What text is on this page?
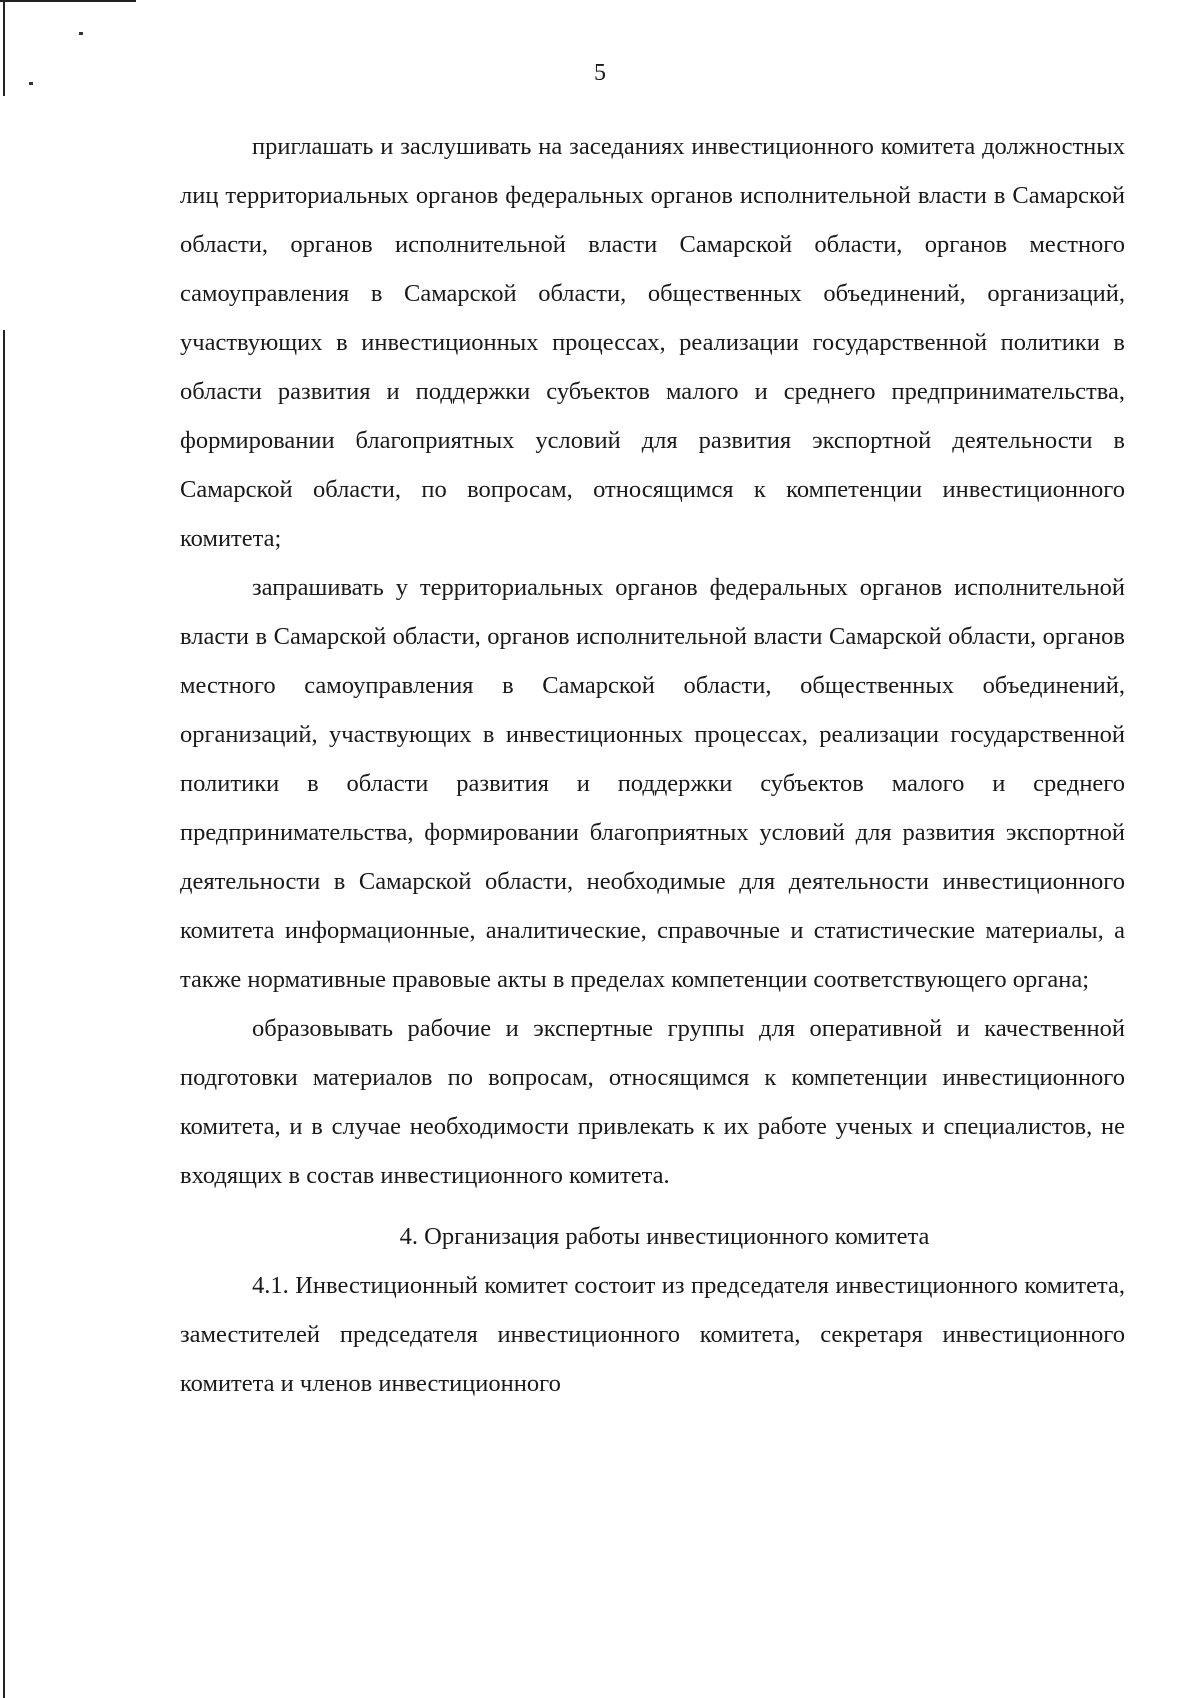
5

приглашать и заслушивать на заседаниях инвестиционного комитета должностных лиц территориальных органов федеральных органов исполнительной власти в Самарской области, органов исполнительной власти Самарской области, органов местного самоуправления в Самарской области, общественных объединений, организаций, участвующих в инвестиционных процессах, реализации государственной политики в области развития и поддержки субъектов малого и среднего предпринимательства, формировании благоприятных условий для развития экспортной деятельности в Самарской области, по вопросам, относящимся к компетенции инвестиционного комитета;

запрашивать у территориальных органов федеральных органов исполнительной власти в Самарской области, органов исполнительной власти Самарской области, органов местного самоуправления в Самарской области, общественных объединений, организаций, участвующих в инвестиционных процессах, реализации государственной политики в области развития и поддержки субъектов малого и среднего предпринимательства, формировании благоприятных условий для развития экспортной деятельности в Самарской области, необходимые для деятельности инвестиционного комитета информационные, аналитические, справочные и статистические материалы, а также нормативные правовые акты в пределах компетенции соответствующего органа;

образовывать рабочие и экспертные группы для оперативной и качественной подготовки материалов по вопросам, относящимся к компетенции инвестиционного комитета, и в случае необходимости привлекать к их работе ученых и специалистов, не входящих в состав инвестиционного комитета.

4. Организация работы инвестиционного комитета

4.1. Инвестиционный комитет состоит из председателя инвестиционного комитета, заместителей председателя инвестиционного комитета, секретаря инвестиционного комитета и членов инвестиционного
